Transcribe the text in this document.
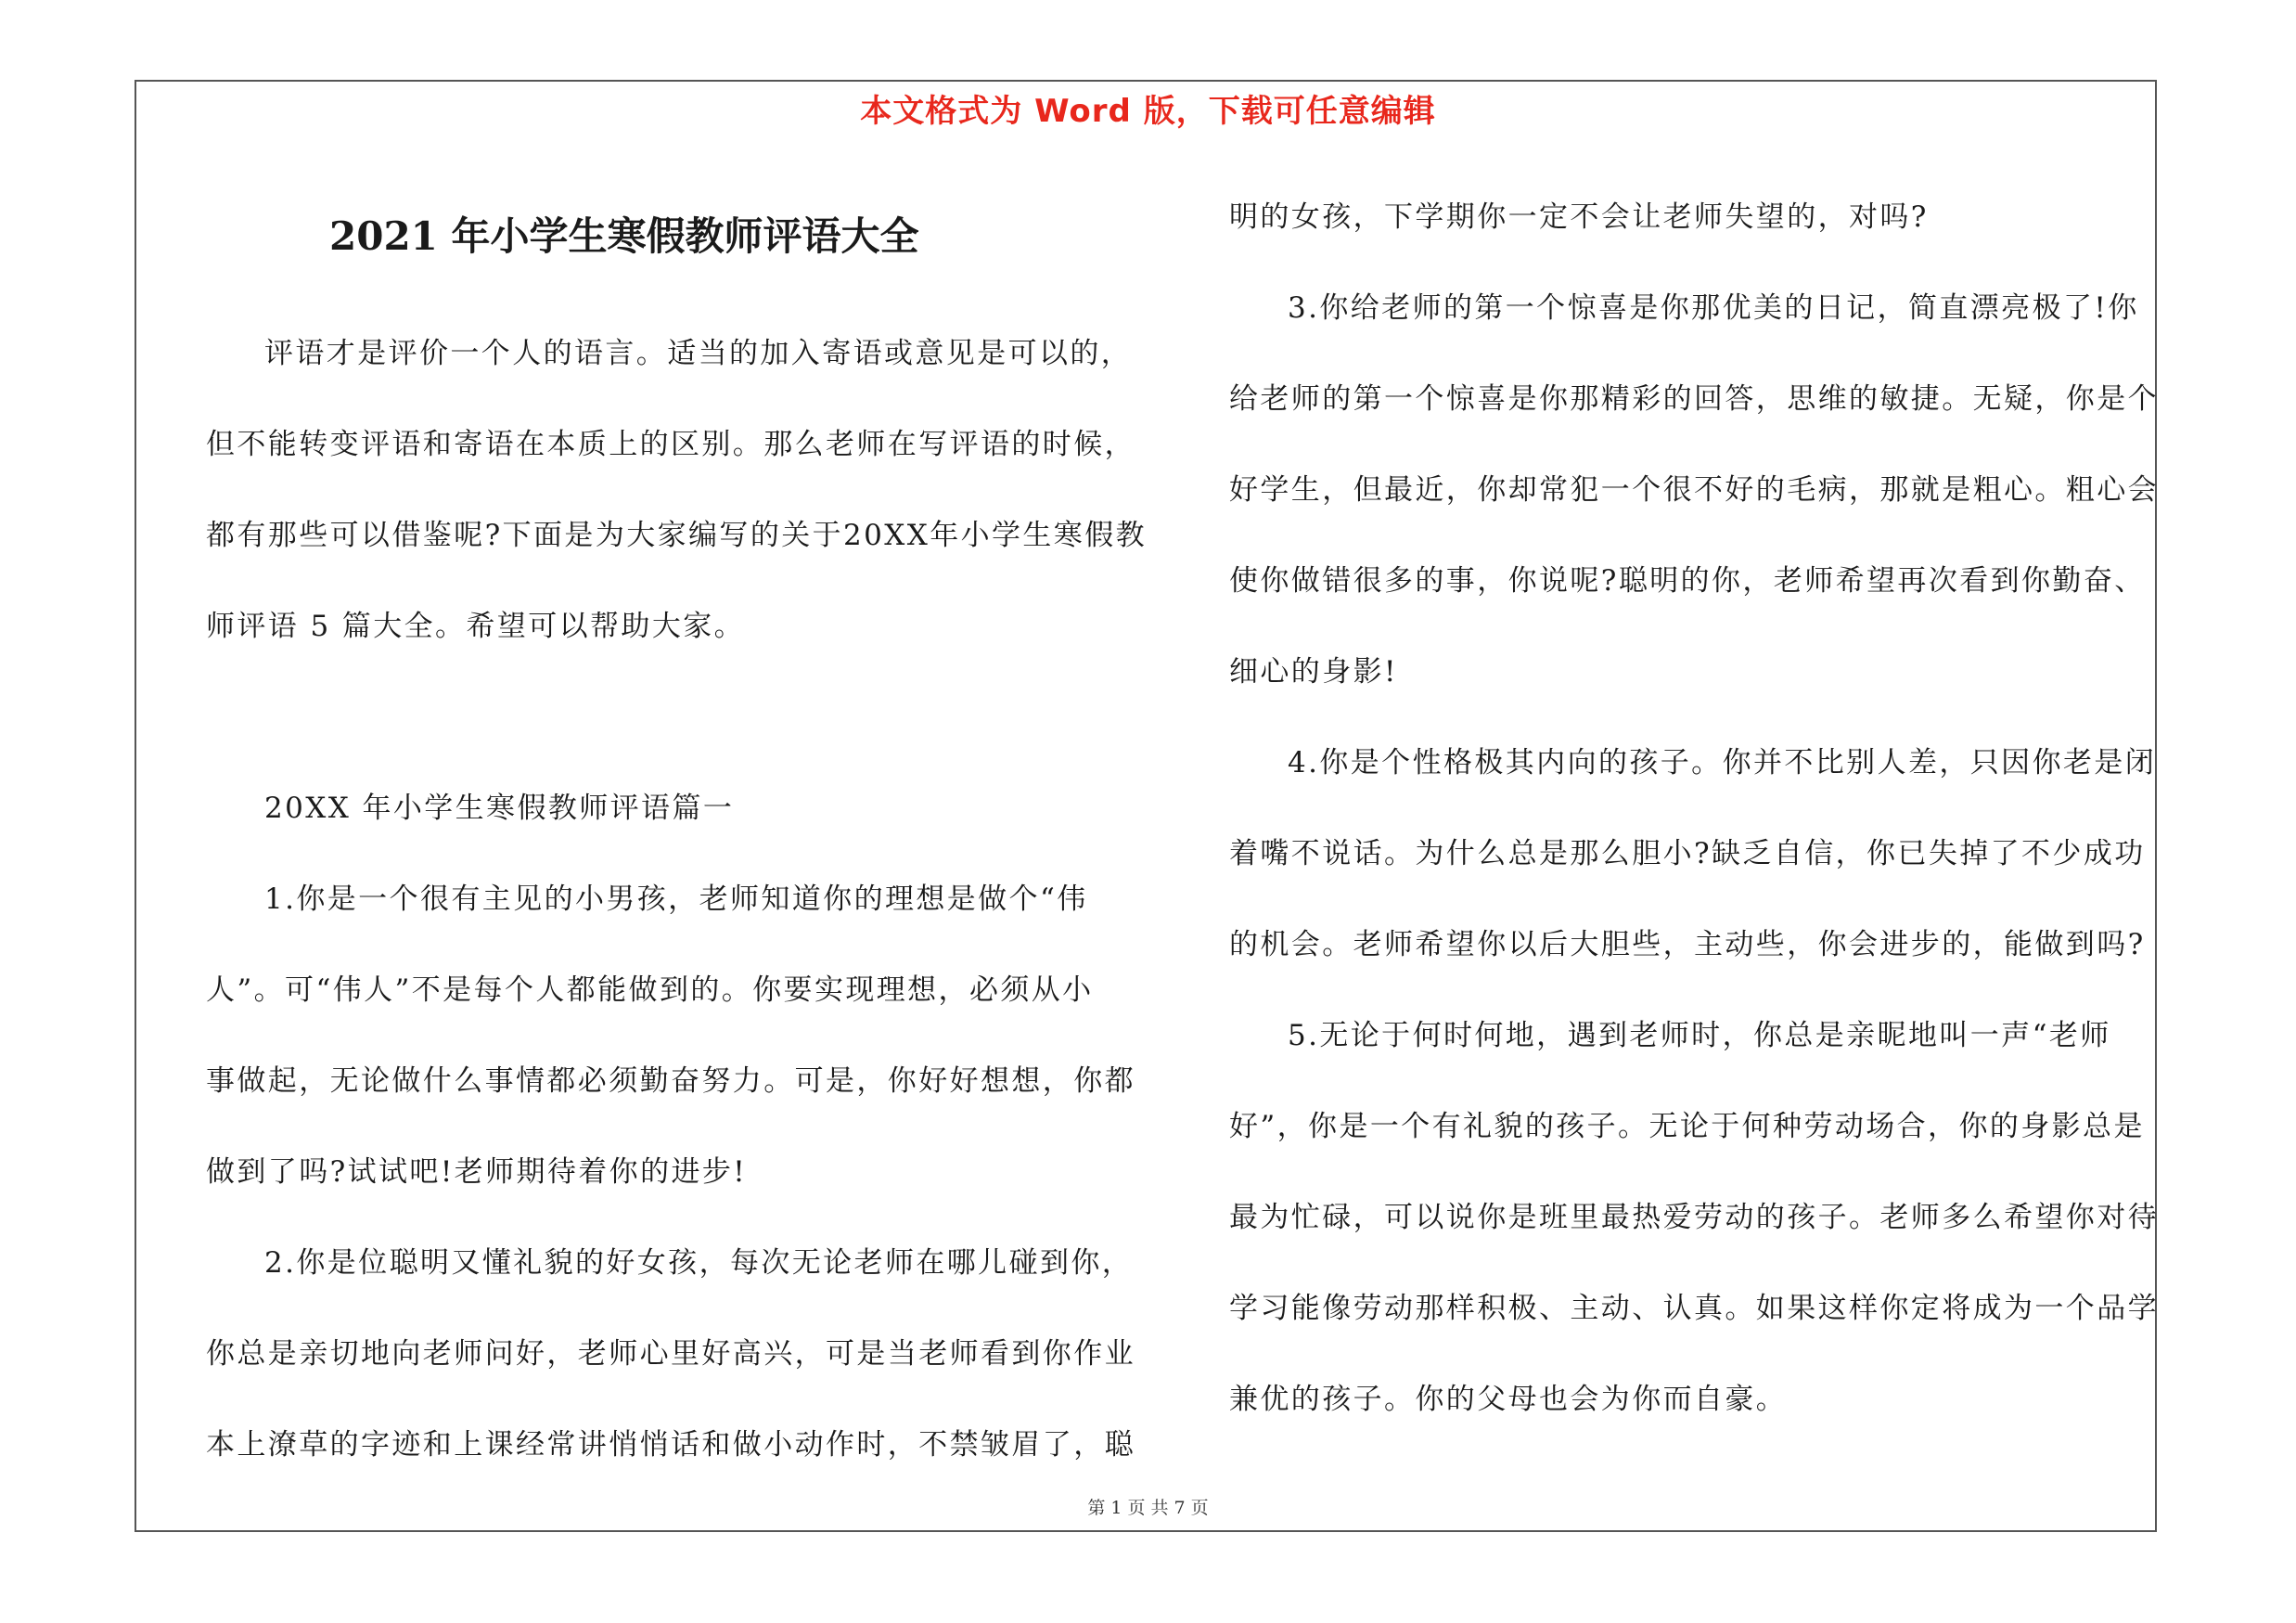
本文格式为 Word 版，下载可任意编辑
2021 年小学生寒假教师评语大全
评语才是评价一个人的语言。适当的加入寄语或意见是可以的，
但不能转变评语和寄语在本质上的区别。那么老师在写评语的时候，
都有那些可以借鉴呢?下面是为大家编写的关于20XX年小学生寒假教
师评语 5 篇大全。希望可以帮助大家。
20XX 年小学生寒假教师评语篇一
1.你是一个很有主见的小男孩，老师知道你的理想是做个“伟
人”。可“伟人”不是每个人都能做到的。你要实现理想，必须从小
事做起，无论做什么事情都必须勤奋努力。可是，你好好想想，你都
做到了吗?试试吧!老师期待着你的进步!
2.你是位聪明又懂礼貌的好女孩，每次无论老师在哪儿碰到你，
你总是亲切地向老师问好，老师心里好高兴，可是当老师看到你作业
本上潦草的字迹和上课经常讲悄悄话和做小动作时，不禁皱眉了，聪
明的女孩，下学期你一定不会让老师失望的，对吗?
3.你给老师的第一个惊喜是你那优美的日记，简直漂亮极了!你
给老师的第一个惊喜是你那精彩的回答，思维的敏捷。无疑，你是个
好学生，但最近，你却常犯一个很不好的毛病，那就是粗心。粗心会
使你做错很多的事，你说呢?聪明的你，老师希望再次看到你勤奋、
细心的身影!
4.你是个性格极其内向的孩子。你并不比别人差，只因你老是闭
着嘴不说话。为什么总是那么胆小?缺乏自信，你已失掉了不少成功
的机会。老师希望你以后大胆些，主动些，你会进步的，能做到吗?
5.无论于何时何地，遇到老师时，你总是亲昵地叫一声“老师
好”，你是一个有礼貌的孩子。无论于何种劳动场合，你的身影总是
最为忙碌，可以说你是班里最热爱劳动的孩子。老师多么希望你对待
学习能像劳动那样积极、主动、认真。如果这样你定将成为一个品学
兼优的孩子。你的父母也会为你而自豪。
第 1 页 共 7 页
